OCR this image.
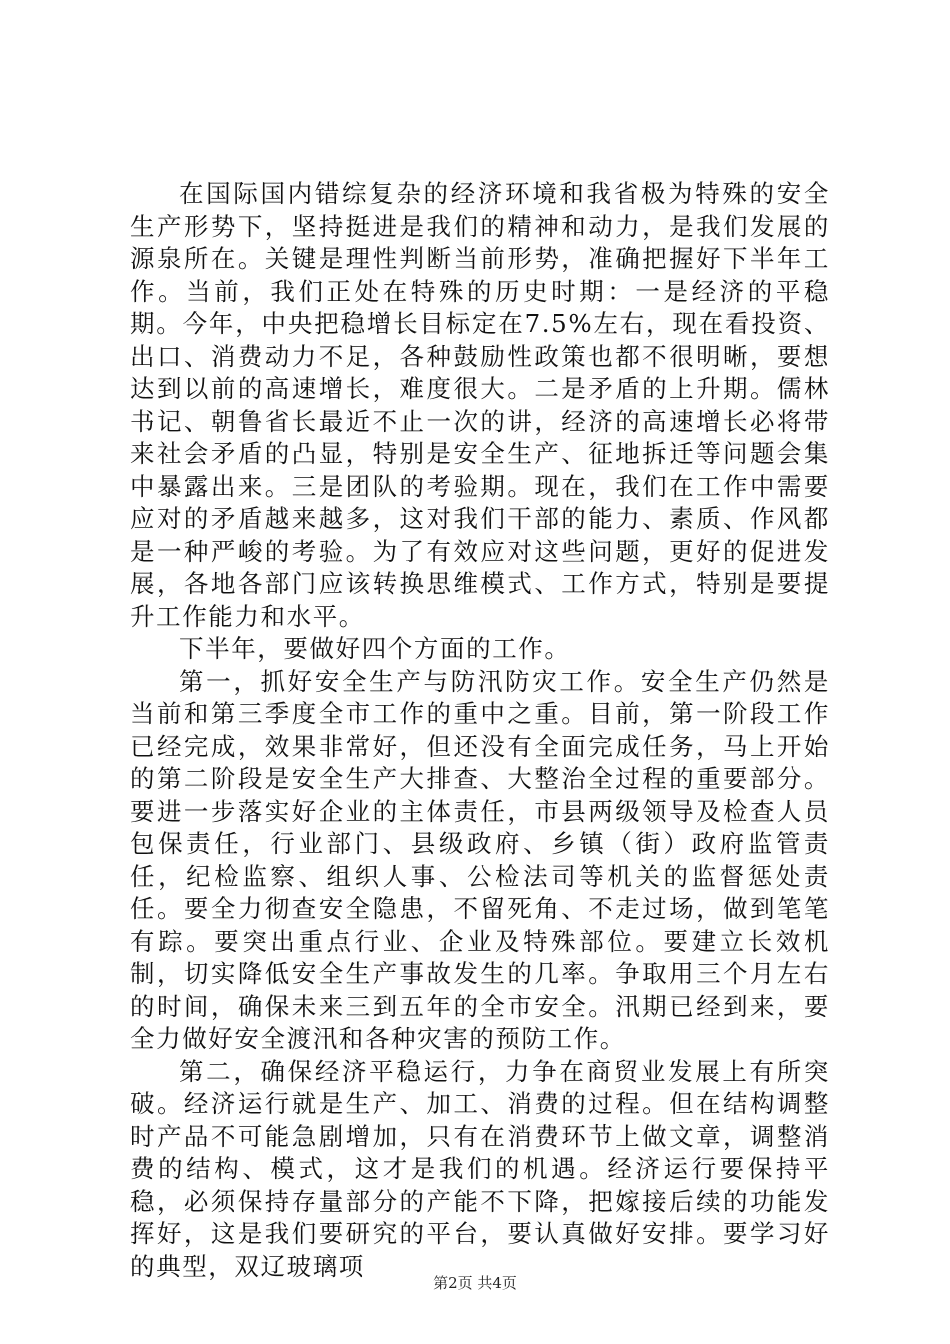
在国际国内错综复杂的经济环境和我省极为特殊的安全生产形势下，坚持挺进是我们的精神和动力，是我们发展的源泉所在。关键是理性判断当前形势，准确把握好下半年工作。当前，我们正处在特殊的历史时期：一是经济的平稳期。今年，中央把稳增长目标定在7.5%左右，现在看投资、出口、消费动力不足，各种鼓励性政策也都不很明晰，要想达到以前的高速增长，难度很大。二是矛盾的上升期。儒林书记、朝鲁省长最近不止一次的讲，经济的高速增长必将带来社会矛盾的凸显，特别是安全生产、征地拆迁等问题会集中暴露出来。三是团队的考验期。现在，我们在工作中需要应对的矛盾越来越多，这对我们干部的能力、素质、作风都是一种严峻的考验。为了有效应对这些问题，更好的促进发展，各地各部门应该转换思维模式、工作方式，特别是要提升工作能力和水平。

下半年，要做好四个方面的工作。

第一，抓好安全生产与防汛防灾工作。安全生产仍然是当前和第三季度全市工作的重中之重。目前，第一阶段工作已经完成，效果非常好，但还没有全面完成任务，马上开始的第二阶段是安全生产大排查、大整治全过程的重要部分。要进一步落实好企业的主体责任，市县两级领导及检查人员包保责任，行业部门、县级政府、乡镇（街）政府监管责任，纪检监察、组织人事、公检法司等机关的监督惩处责任。要全力彻查安全隐患，不留死角、不走过场，做到笔笔有踪。要突出重点行业、企业及特殊部位。要建立长效机制，切实降低安全生产事故发生的几率。争取用三个月左右的时间，确保未来三到五年的全市安全。汛期已经到来，要全力做好安全渡汛和各种灾害的预防工作。

第二，确保经济平稳运行，力争在商贸业发展上有所突破。经济运行就是生产、加工、消费的过程。但在结构调整时产品不可能急剧增加，只有在消费环节上做文章，调整消费的结构、模式，这才是我们的机遇。经济运行要保持平稳，必须保持存量部分的产能不下降，把嫁接后续的功能发挥好，这是我们要研究的平台，要认真做好安排。要学习好的典型，双辽玻璃项

第2页 共4页
